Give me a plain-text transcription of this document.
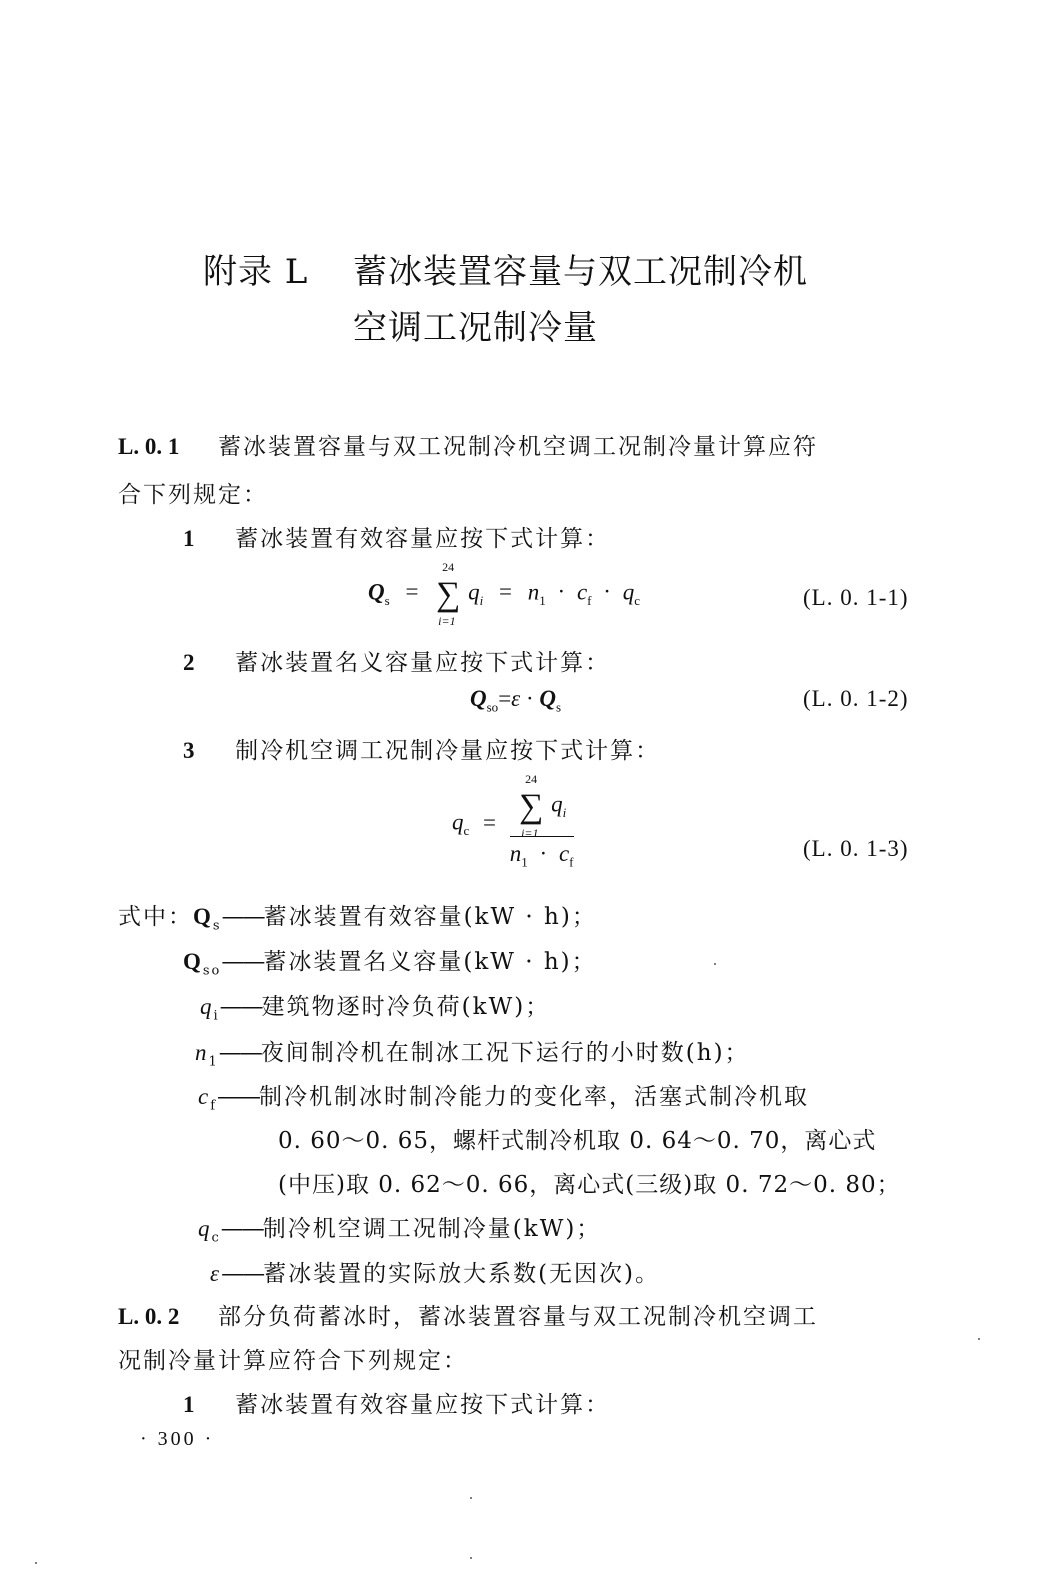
附录 L 蓄冰装置容量与双工况制冷机
空调工况制冷量
L. 0. 1 蓄冰装置容量与双工况制冷机空调工况制冷量计算应符
合下列规定：
1 蓄冰装置有效容量应按下式计算：
$Q_s$ =
24
∑
i=1
$q_i = n_1 \cdot c_f \cdot q_c$	(L. 0. 1-1)
2 蓄冰装置名义容量应按下式计算：
$Q_{so}=\varepsilon \cdot Q_s$	(L. 0. 1-2)
3 制冷机空调工况制冷量应按下式计算：
$q_c = 24$
∑
i=1
$q_i$
$n_1 \cdot c_f$	(L. 0. 1-3)
式中：$Q_s——$蓄冰装置有效容量(kW · h)；
$Q_{so}——$蓄冰装置名义容量(kW · h)；
$q_i——$建筑物逐时冷负荷(kW)；
$n_1——$夜间制冷机在制冰工况下运行的小时数(h)；
$c_f——$制冷机制冰时制冷能力的变化率，活塞式制冷机取
0. 60～0. 65，螺杆式制冷机取 0. 64～0. 70，离心式
(中压)取 0. 62～0. 66，离心式(三级)取 0. 72～0. 80；
$q_c——$制冷机空调工况制冷量(kW)；
ε——蓄冰装置的实际放大系数(无因次)。
L. 0. 2 部分负荷蓄冰时，蓄冰装置容量与双工况制冷机空调工
况制冷量计算应符合下列规定：
1 蓄冰装置有效容量应按下式计算：
· 300 ·
